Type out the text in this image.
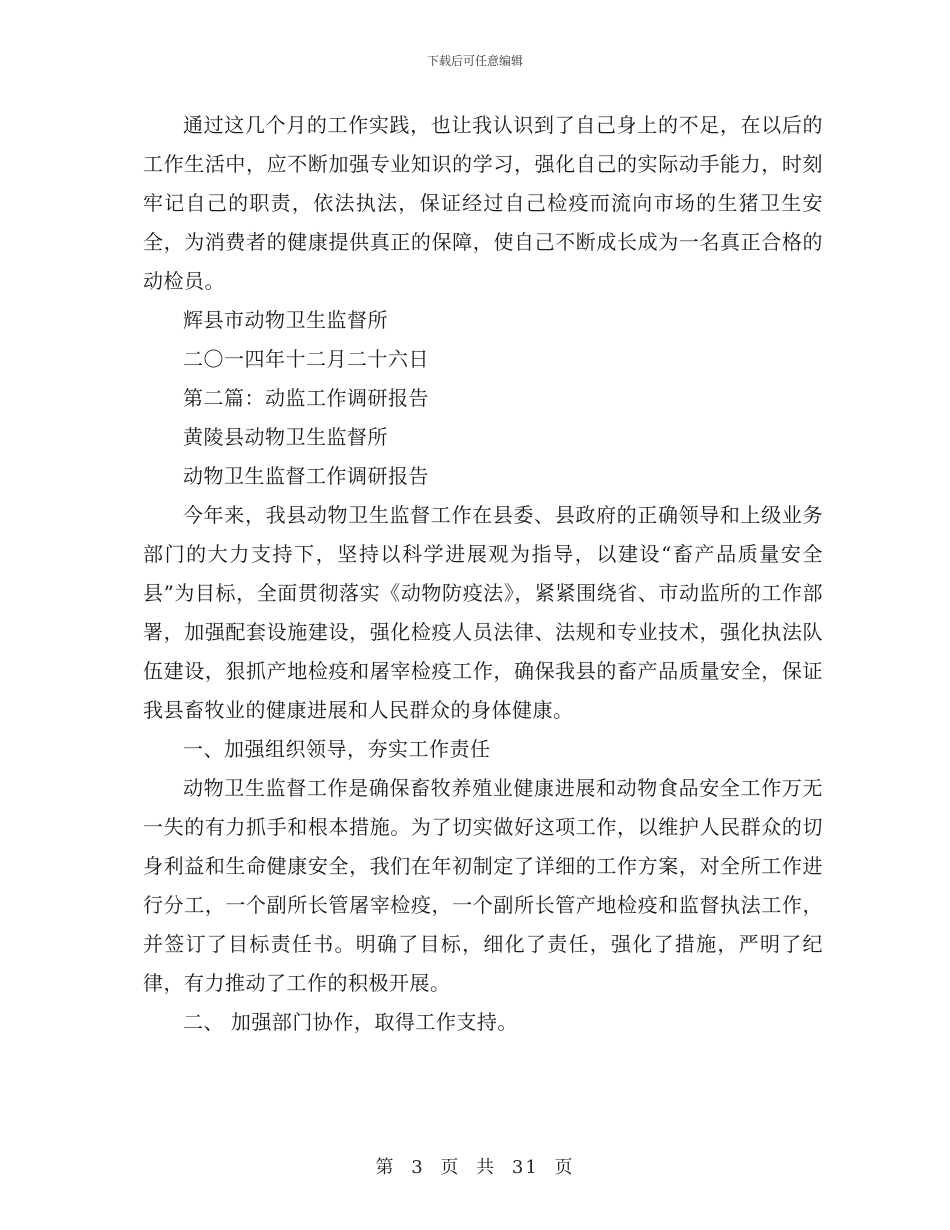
下载后可任意编辑

通过这几个月的工作实践，也让我认识到了自己身上的不足，在以后的工作生活中，应不断加强专业知识的学习，强化自己的实际动手能力，时刻牢记自己的职责，依法执法，保证经过自己检疫而流向市场的生猪卫生安全，为消费者的健康提供真正的保障，使自己不断成长成为一名真正合格的动检员。

辉县市动物卫生监督所

二〇一四年十二月二十六日

第二篇：动监工作调研报告

黄陵县动物卫生监督所

动物卫生监督工作调研报告

今年来，我县动物卫生监督工作在县委、县政府的正确领导和上级业务部门的大力支持下，坚持以科学进展观为指导，以建设“畜产品质量安全县”为目标，全面贯彻落实《动物防疫法》，紧紧围绕省、市动监所的工作部署，加强配套设施建设，强化检疫人员法律、法规和专业技术，强化执法队伍建设，狠抓产地检疫和屠宰检疫工作，确保我县的畜产品质量安全，保证我县畜牧业的健康进展和人民群众的身体健康。

一、加强组织领导，夯实工作责任

动物卫生监督工作是确保畜牧养殖业健康进展和动物食品安全工作万无一失的有力抓手和根本措施。为了切实做好这项工作，以维护人民群众的切身利益和生命健康安全，我们在年初制定了详细的工作方案，对全所工作进行分工，一个副所长管屠宰检疫，一个副所长管产地检疫和监督执法工作，并签订了目标责任书。明确了目标，细化了责任，强化了措施，严明了纪律，有力推动了工作的积极开展。

二、 加强部门协作，取得工作支持。

第 3 页 共 31 页
